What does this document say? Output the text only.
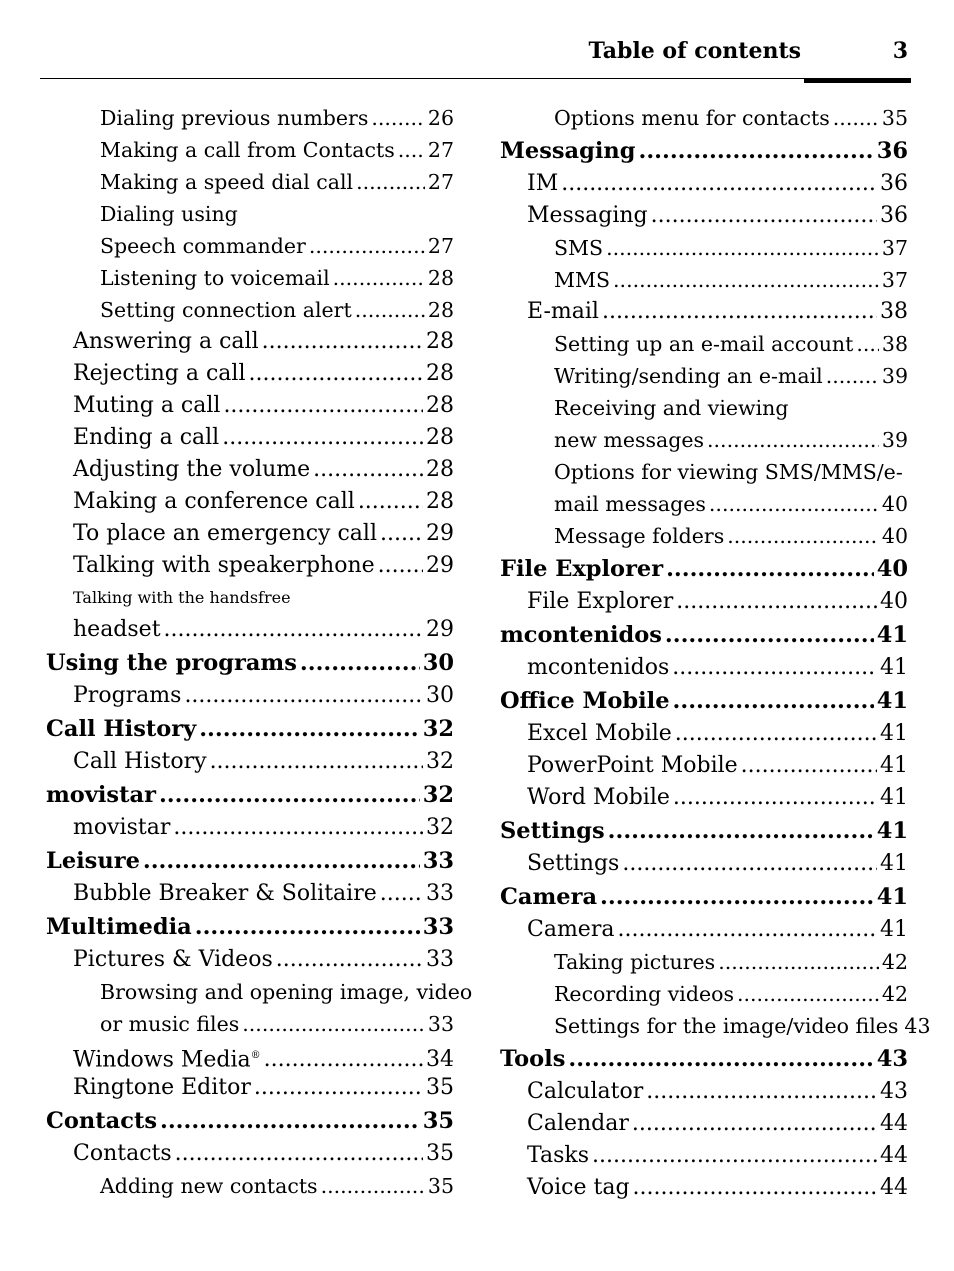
Table of contents	3
Dialing previous numbers .....	26
Making a call from Contacts ..... 27
Making a speed dial call .....	27
Dialing using
Speech commander .....	27
Listening to voicemail .....	28
Setting connection alert .....	28
Answering a call .....	28
Rejecting a call .....	28
Muting a call .....	28
Ending a call .....	28
Adjusting the volume .....	28
Making a conference call .....	28
To place an emergency call ..... 29
Talking with speakerphone ..... 29
Talking with the handsfree
headset .....	29
Using the programs .....	30
Programs .....	30
Call History .....	32
Call History .....	32
movistar .....	32
movistar .....	32
Leisure .....	33
Bubble Breaker & Solitaire ..... 33
Multimedia .....	33
Pictures & Videos .....	33
Browsing and opening image, video
or music files .....	33
Windows Media® .....	34
Ringtone Editor .....	35
Contacts .....	35
Contacts .....	35
Adding new contacts .....	35
Options menu for contacts .....	35
Messaging .....	36
IM .....	36
Messaging .....	36
SMS .....	37
MMS .....	37
E-mail .....	38
Setting up an e-mail account ..... 38
Writing/sending an e-mail .....	39
Receiving and viewing
new messages .....	39
Options for viewing SMS/MMS/e-
mail messages .....	40
Message folders .....	40
File Explorer .....	40
File Explorer .....	40
mcontenidos .....	41
mcontenidos .....	41
Office Mobile .....	41
Excel Mobile .....	41
PowerPoint Mobile .....	41
Word Mobile .....	41
Settings .....	41
Settings .....	41
Camera .....	41
Camera .....	41
Taking pictures .....	42
Recording videos .....	42
Settings for the image/video files 43
Tools .....	43
Calculator .....	43
Calendar .....	44
Tasks .....	44
Voice tag .....	44
